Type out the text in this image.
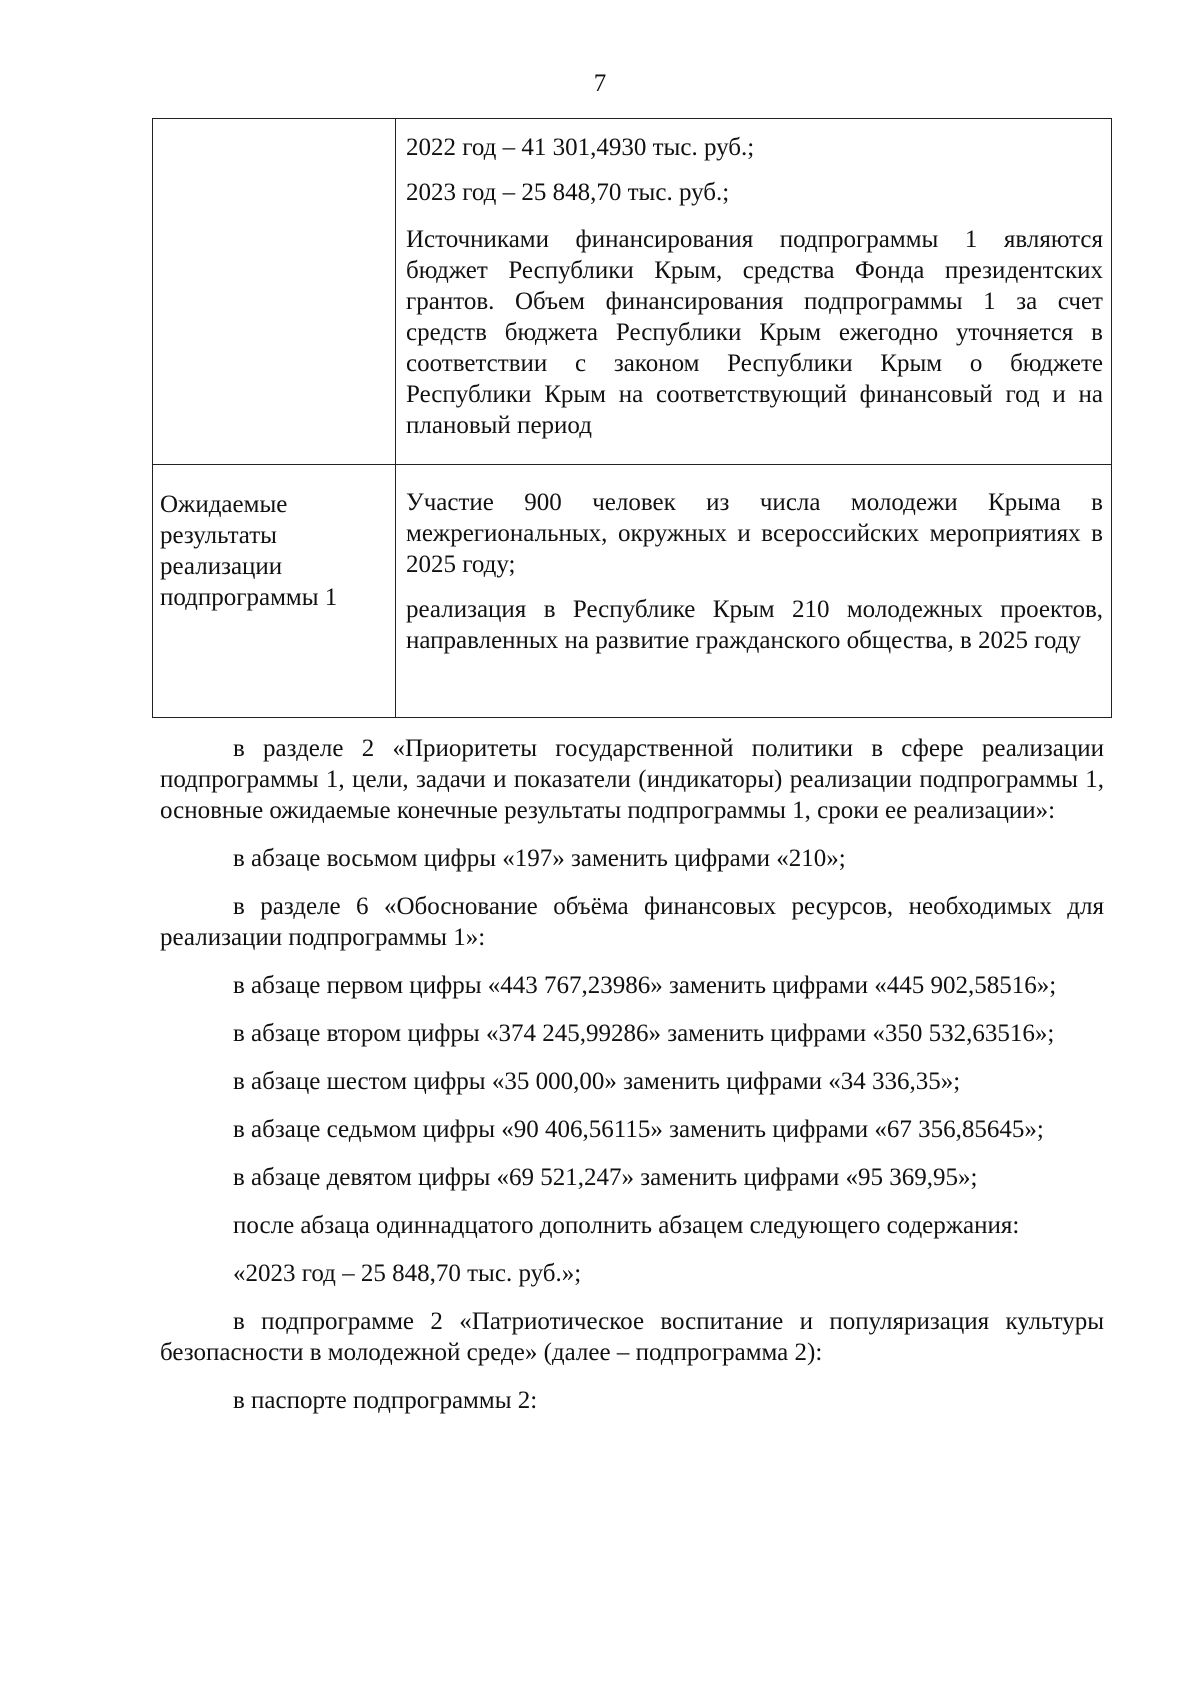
7

	2022 год – 41 301,4930 тыс. руб.;

2023 год – 25 848,70 тыс. руб.;

Источниками финансирования подпрограммы 1 являются бюджет Республики Крым, средства Фонда президентских грантов. Объем финансирования подпрограммы 1 за счет средств бюджета Республики Крым ежегодно уточняется в соответствии с законом Республики Крым о бюджете Республики Крым на соответствующий финансовый год и на плановый период

Ожидаемые результаты реализации подпрограммы 1	Участие 900 человек из числа молодежи Крыма в межрегиональных, окружных и всероссийских мероприятиях в 2025 году;

реализация в Республике Крым 210 молодежных проектов, направленных на развитие гражданского общества, в 2025 году

в разделе 2 «Приоритеты государственной политики в сфере реализации подпрограммы 1, цели, задачи и показатели (индикаторы) реализации подпрограммы 1, основные ожидаемые конечные результаты подпрограммы 1, сроки ее реализации»:

в абзаце восьмом цифры «197» заменить цифрами «210»;

в разделе 6 «Обоснование объёма финансовых ресурсов, необходимых для реализации подпрограммы 1»:

в абзаце первом цифры «443 767,23986» заменить цифрами «445 902,58516»;

в абзаце втором цифры «374 245,99286» заменить цифрами «350 532,63516»;

в абзаце шестом цифры «35 000,00» заменить цифрами «34 336,35»;

в абзаце седьмом цифры «90 406,56115» заменить цифрами «67 356,85645»;

в абзаце девятом цифры «69 521,247» заменить цифрами «95 369,95»;

после абзаца одиннадцатого дополнить абзацем следующего содержания:

«2023 год – 25 848,70 тыс. руб.»;

в подпрограмме 2 «Патриотическое воспитание и популяризация культуры безопасности в молодежной среде» (далее – подпрограмма 2):

в паспорте подпрограммы 2:
